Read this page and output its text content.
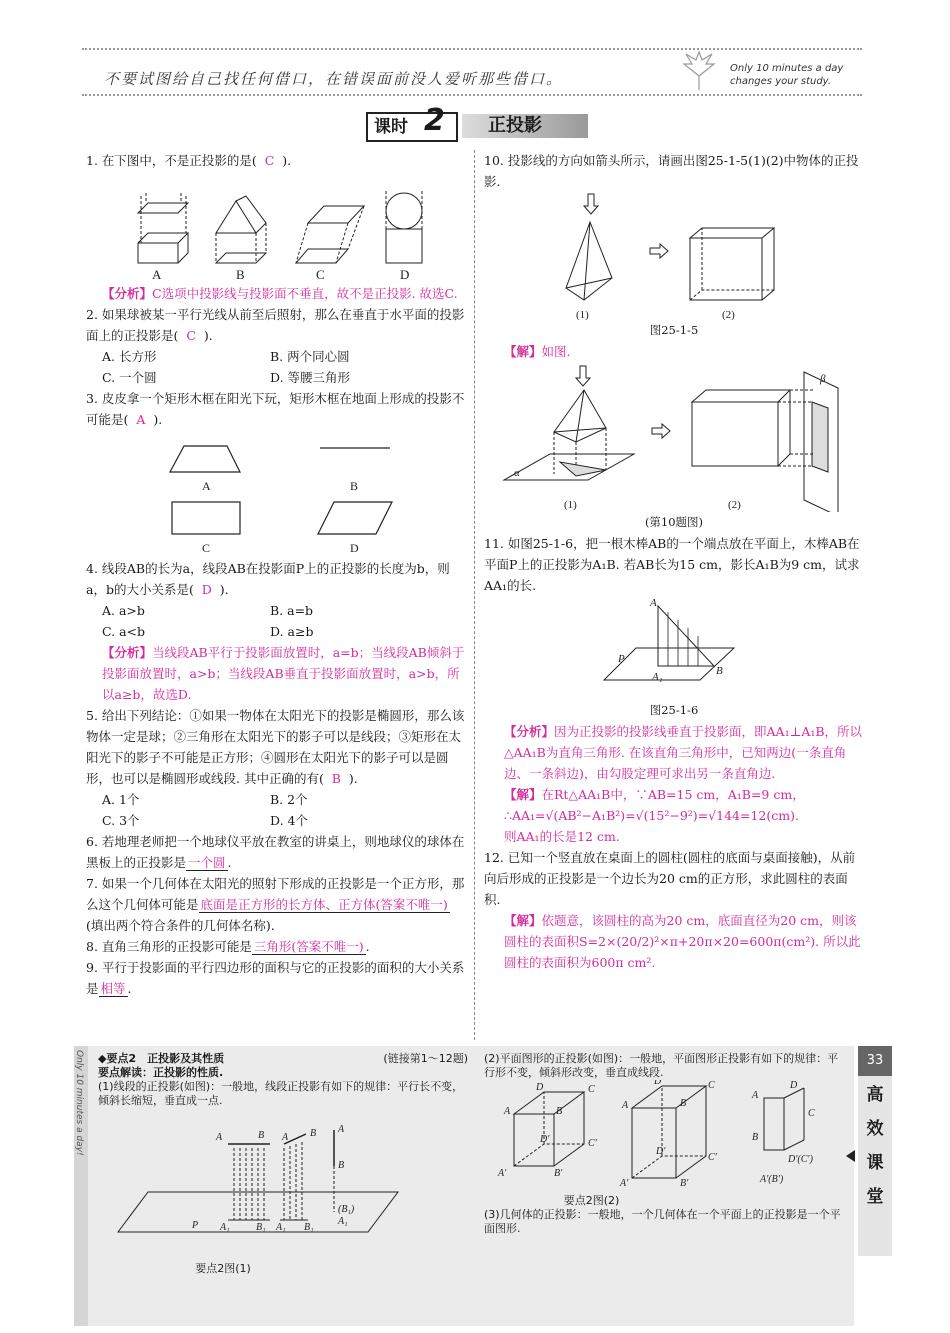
不要试图给自己找任何借口，在错误面前没人爱听那些借口。
Only 10 minutes a day
changes your study.
课时 2	正投影

1. 在下图中，不是正投影的是( C ).

A	B	C	D

【分析】C选项中投影线与投影面不垂直，故不是正投影. 故选C.

2. 如果球被某一平行光线从前至后照射，那么在垂直于水平面的投影面上的正投影是( C ).

A. 长方形	B. 两个同心圆
C. 一个圆	D. 等腰三角形

3. 皮皮拿一个矩形木框在阳光下玩，矩形木框在地面上形成的投影不可能是( A ).

A	B
C	D

4. 线段AB的长为a，线段AB在投影面P上的正投影的长度为b，则a，b的大小关系是( D ).

A. a>b	B. a=b
C. a<b	D. a≥b

【分析】当线段AB平行于投影面放置时，a=b；当线段AB倾斜于投影面放置时，a>b；当线段AB垂直于投影面放置时，a>b，所以a≥b，故选D.

5. 给出下列结论：①如果一物体在太阳光下的投影是椭圆形，那么该物体一定是球；②三角形在太阳光下的影子可以是线段；③矩形在太阳光下的影子不可能是正方形；④圆形在太阳光下的影子可以是圆形，也可以是椭圆形或线段. 其中正确的有( B ).

A. 1个	B. 2个
C. 3个	D. 4个

6. 若地理老师把一个地球仪平放在教室的讲桌上，则地球仪的球体在黑板上的正投影是 一个圆 .

7. 如果一个几何体在太阳光的照射下形成的正投影是一个正方形，那么这个几何体可能是 底面是正方形的长方体、正方体(答案不唯一)(填出两个符合条件的几何体名称).

8. 直角三角形的正投影可能是 三角形(答案不唯一) .

9. 平行于投影面的平行四边形的面积与它的正投影的面积的大小关系是 相等 .

10. 投影线的方向如箭头所示，请画出图25-1-5(1)(2)中物体的正投影.

(1)	(2)

图25-1-5

【解】如图.

α
β
(1)	(2)

(第10题图)

11. 如图25-1-6，把一根木棒AB的一个端点放在平面上，木棒AB在平面P上的正投影为A₁B. 若AB长为15 cm，影长A₁B为9 cm，试求AA₁的长.

A
P
A₁	B

图25-1-6

【分析】因为正投影的投影线垂直于投影面，即AA₁⊥A₁B，所以△AA₁B为直角三角形. 在该直角三角形中，已知两边(一条直角边、一条斜边)，由勾股定理可求出另一条直角边.

【解】在Rt△AA₁B中，∵AB=15 cm，A₁B=9 cm，
∴AA₁=√(AB²−A₁B²)=√(15²−9²)=√144=12(cm).
则AA₁的长是12 cm.

12. 已知一个竖直放在桌面上的圆柱(圆柱的底面与桌面接触)，从前向后形成的正投影是一个边长为20 cm的正方形，求此圆柱的表面积.

【解】依题意，该圆柱的高为20 cm，底面直径为20 cm，则该圆柱的表面积S=2×(20/2)²×π+20π×20=600π(cm²). 所以此圆柱的表面积为600π cm².

Only 10 minutes a day! ◆要点2　正投影及其性质	(链接第1～12题)
要点解读：正投影的性质.
(1)线段的正投影(如图)：一般地，线段正投影有如下的规律：平行长不变，倾斜长缩短，垂直成一点.
A	B A B A
B
(B₁)
A₁
P A₁	B₁ A₁ B₁
要点2图(1)
(2)平面图形的正投影(如图)：一般地，平面图形正投影有如下的规律：平行形不变，倾斜形改变，垂直成线段.
D	C
A	B
D′	C′
A′	B′
D	C
A	B
D′
C′
A′	B′
A
D
C
B
D′(C′)
A′(B′)
要点2图(2)
(3)几何体的正投影：一般地，一个几何体在一个平面上的正投影是一个平面图形.
33
高
效
课
堂
